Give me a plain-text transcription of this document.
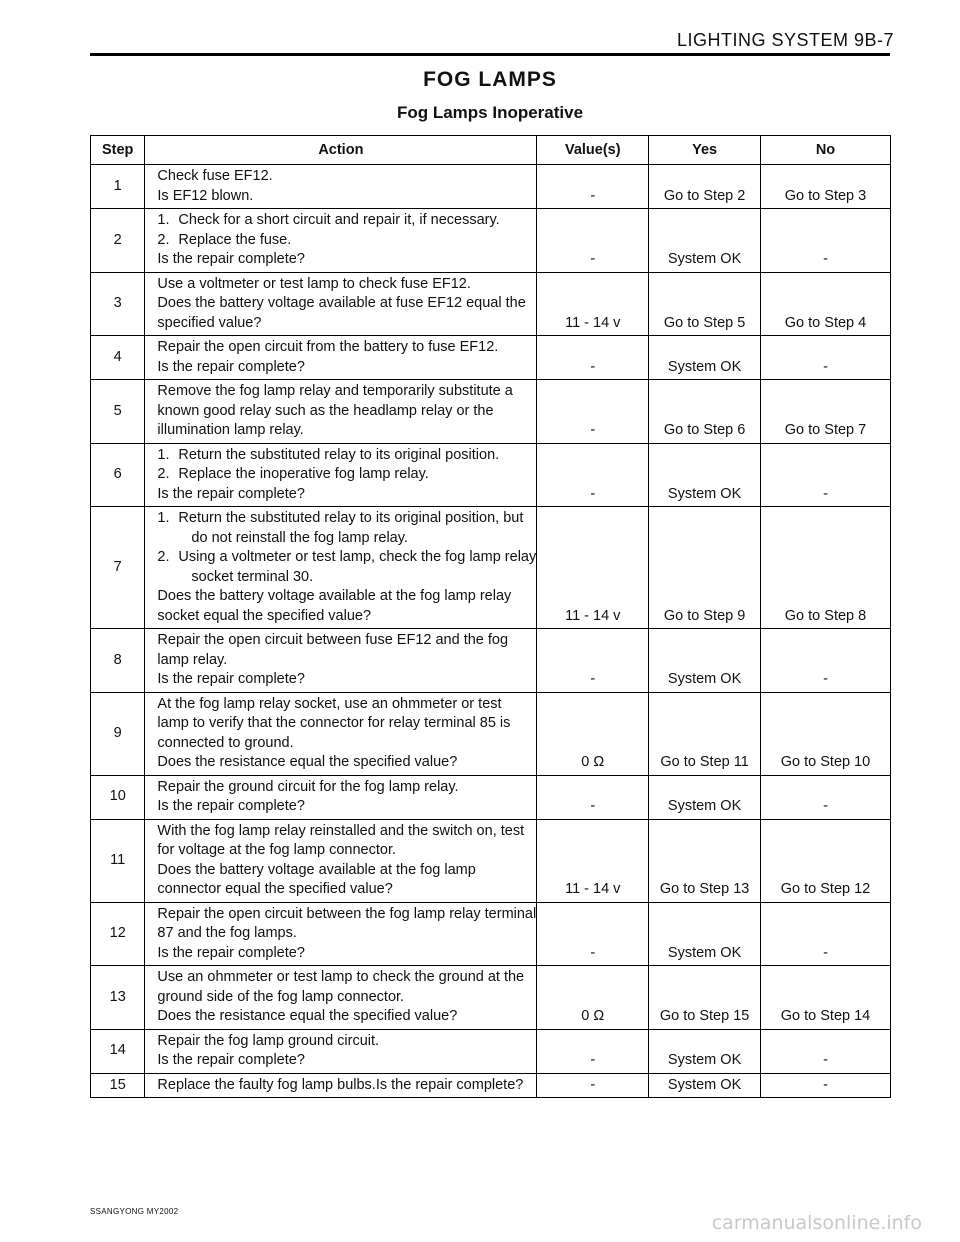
LIGHTING SYSTEM 9B-7
FOG LAMPS
Fog Lamps Inoperative
Step	Action	Value(s)	Yes	No
1	Check fuse EF12.
Is EF12 blown.	-	Go to Step 2	Go to Step 3
2	1. Check for a short circuit and repair it, if necessary.
2. Replace the fuse.
Is the repair complete?	-	System OK	-
3	Use a voltmeter or test lamp to check fuse EF12.
Does the battery voltage available at fuse EF12 equal the specified value?	11 - 14 v	Go to Step 5	Go to Step 4
4	Repair the open circuit from the battery to fuse EF12.
Is the repair complete?	-	System OK	-
5	Remove the fog lamp relay and temporarily substitute a known good relay such as the headlamp relay or the illumination lamp relay.	-	Go to Step 6	Go to Step 7
6	1. Return the substituted relay to its original position.
2. Replace the inoperative fog lamp relay.
Is the repair complete?	-	System OK	-
7	1. Return the substituted relay to its original position, but do not reinstall the fog lamp relay.
2. Using a voltmeter or test lamp, check the fog lamp relay socket terminal 30.
Does the battery voltage available at the fog lamp relay socket equal the specified value?	11 - 14 v	Go to Step 9	Go to Step 8
8	Repair the open circuit between fuse EF12 and the fog lamp relay.
Is the repair complete?	-	System OK	-
9	At the fog lamp relay socket, use an ohmmeter or test lamp to verify that the connector for relay terminal 85 is connected to ground.
Does the resistance equal the specified value?	0 Ω	Go to Step 11	Go to Step 10
10	Repair the ground circuit for the fog lamp relay.
Is the repair complete?	-	System OK	-
11	With the fog lamp relay reinstalled and the switch on, test for voltage at the fog lamp connector.
Does the battery voltage available at the fog lamp connector equal the specified value?	11 - 14 v	Go to Step 13	Go to Step 12
12	Repair the open circuit between the fog lamp relay terminal 87 and the fog lamps.
Is the repair complete?	-	System OK	-
13	Use an ohmmeter or test lamp to check the ground at the ground side of the fog lamp connector.
Does the resistance equal the specified value?	0 Ω	Go to Step 15	Go to Step 14
14	Repair the fog lamp ground circuit.
Is the repair complete?	-	System OK	-
15	Replace the faulty fog lamp bulbs.Is the repair complete?	-	System OK	-
SSANGYONG MY2002
carmanualsonline.info
